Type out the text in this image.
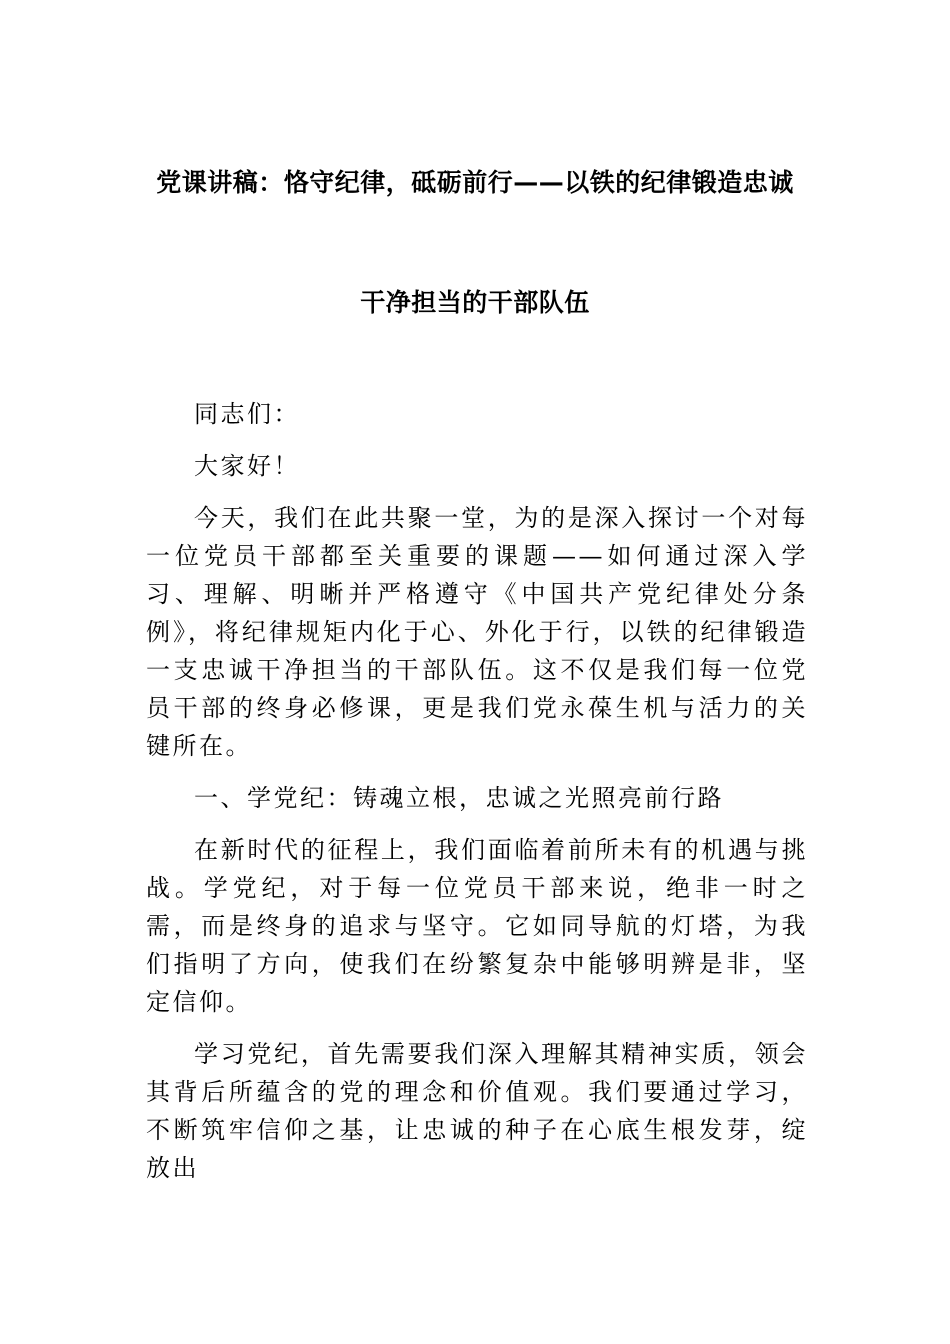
党课讲稿：恪守纪律，砥砺前行——以铁的纪律锻造忠诚
干净担当的干部队伍

同志们：

大家好！

今天，我们在此共聚一堂，为的是深入探讨一个对每一位党员干部都至关重要的课题——如何通过深入学习、理解、明晰并严格遵守《中国共产党纪律处分条例》，将纪律规矩内化于心、外化于行，以铁的纪律锻造一支忠诚干净担当的干部队伍。这不仅是我们每一位党员干部的终身必修课，更是我们党永葆生机与活力的关键所在。

一、学党纪：铸魂立根，忠诚之光照亮前行路

在新时代的征程上，我们面临着前所未有的机遇与挑战。学党纪，对于每一位党员干部来说，绝非一时之需，而是终身的追求与坚守。它如同导航的灯塔，为我们指明了方向，使我们在纷繁复杂中能够明辨是非，坚定信仰。

学习党纪，首先需要我们深入理解其精神实质，领会其背后所蕴含的党的理念和价值观。我们要通过学习，不断筑牢信仰之基，让忠诚的种子在心底生根发芽，绽放出
